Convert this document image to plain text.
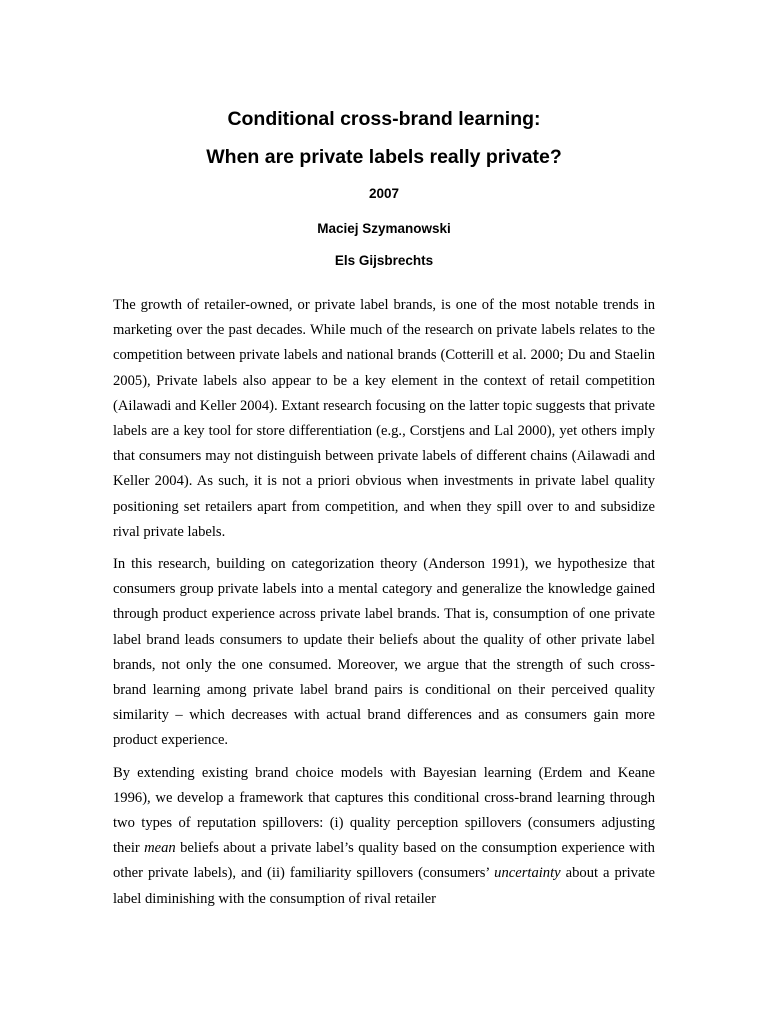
Conditional cross-brand learning:

When are private labels really private?

2007

Maciej Szymanowski

Els Gijsbrechts

The growth of retailer-owned, or private label brands, is one of the most notable trends in marketing over the past decades. While much of the research on private labels relates to the competition between private labels and national brands (Cotterill et al. 2000; Du and Staelin 2005), Private labels also appear to be a key element in the context of retail competition (Ailawadi and Keller 2004). Extant research focusing on the latter topic suggests that private labels are a key tool for store differentiation (e.g., Corstjens and Lal 2000), yet others imply that consumers may not distinguish between private labels of different chains (Ailawadi and Keller 2004). As such, it is not a priori obvious when investments in private label quality positioning set retailers apart from competition, and when they spill over to and subsidize rival private labels.

In this research, building on categorization theory (Anderson 1991), we hypothesize that consumers group private labels into a mental category and generalize the knowledge gained through product experience across private label brands. That is, consumption of one private label brand leads consumers to update their beliefs about the quality of other private label brands, not only the one consumed. Moreover, we argue that the strength of such cross-brand learning among private label brand pairs is conditional on their perceived quality similarity – which decreases with actual brand differences and as consumers gain more product experience.

By extending existing brand choice models with Bayesian learning (Erdem and Keane 1996), we develop a framework that captures this conditional cross-brand learning through two types of reputation spillovers: (i) quality perception spillovers (consumers adjusting their mean beliefs about a private label’s quality based on the consumption experience with other private labels), and (ii) familiarity spillovers (consumers’ uncertainty about a private label diminishing with the consumption of rival retailer
